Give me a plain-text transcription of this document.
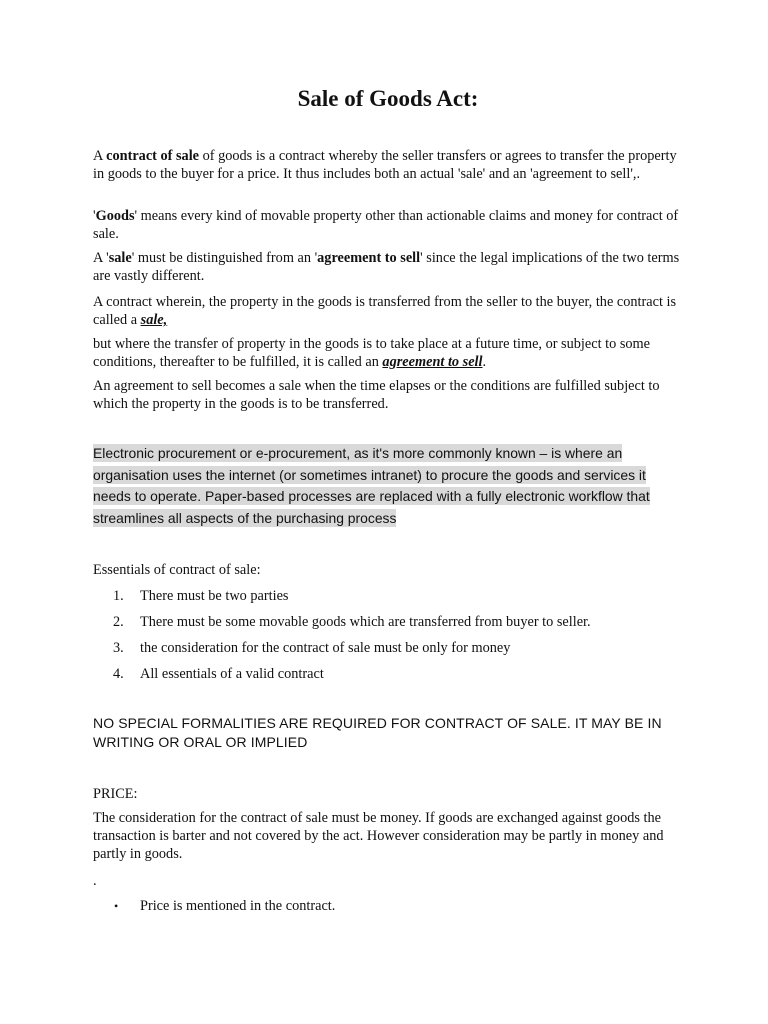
Sale of Goods Act:

A contract of sale of goods is a contract whereby the seller transfers or agrees to transfer the property in goods to the buyer for a price. It thus includes both an actual 'sale' and an 'agreement to sell',.

'Goods' means every kind of movable property other than actionable claims and money for contract of sale.

A 'sale' must be distinguished from an 'agreement to sell' since the legal implications of the two terms are vastly different.

A contract wherein, the property in the goods is transferred from the seller to the buyer, the contract is called a sale,

but where the transfer of property in the goods is to take place at a future time, or subject to some conditions, thereafter to be fulfilled, it is called an agreement to sell.

An agreement to sell becomes a sale when the time elapses or the conditions are fulfilled subject to which the property in the goods is to be transferred.

Electronic procurement or e-procurement, as it's more commonly known – is where an organisation uses the internet (or sometimes intranet) to procure the goods and services it needs to operate. Paper-based processes are replaced with a fully electronic workflow that streamlines all aspects of the purchasing process

Essentials of contract of sale:

1. There must be two parties
2. There must be some movable goods which are transferred from buyer to seller.
3. the consideration for the contract of sale must be only for money
4. All essentials of a valid contract

NO SPECIAL FORMALITIES ARE REQUIRED FOR CONTRACT OF SALE. IT MAY BE IN WRITING OR ORAL OR IMPLIED

PRICE:

The consideration for the contract of sale must be money. If goods are exchanged against goods the transaction is barter and not covered by the act. However consideration may be partly in money and partly in goods.

.

• Price is mentioned in the contract.
